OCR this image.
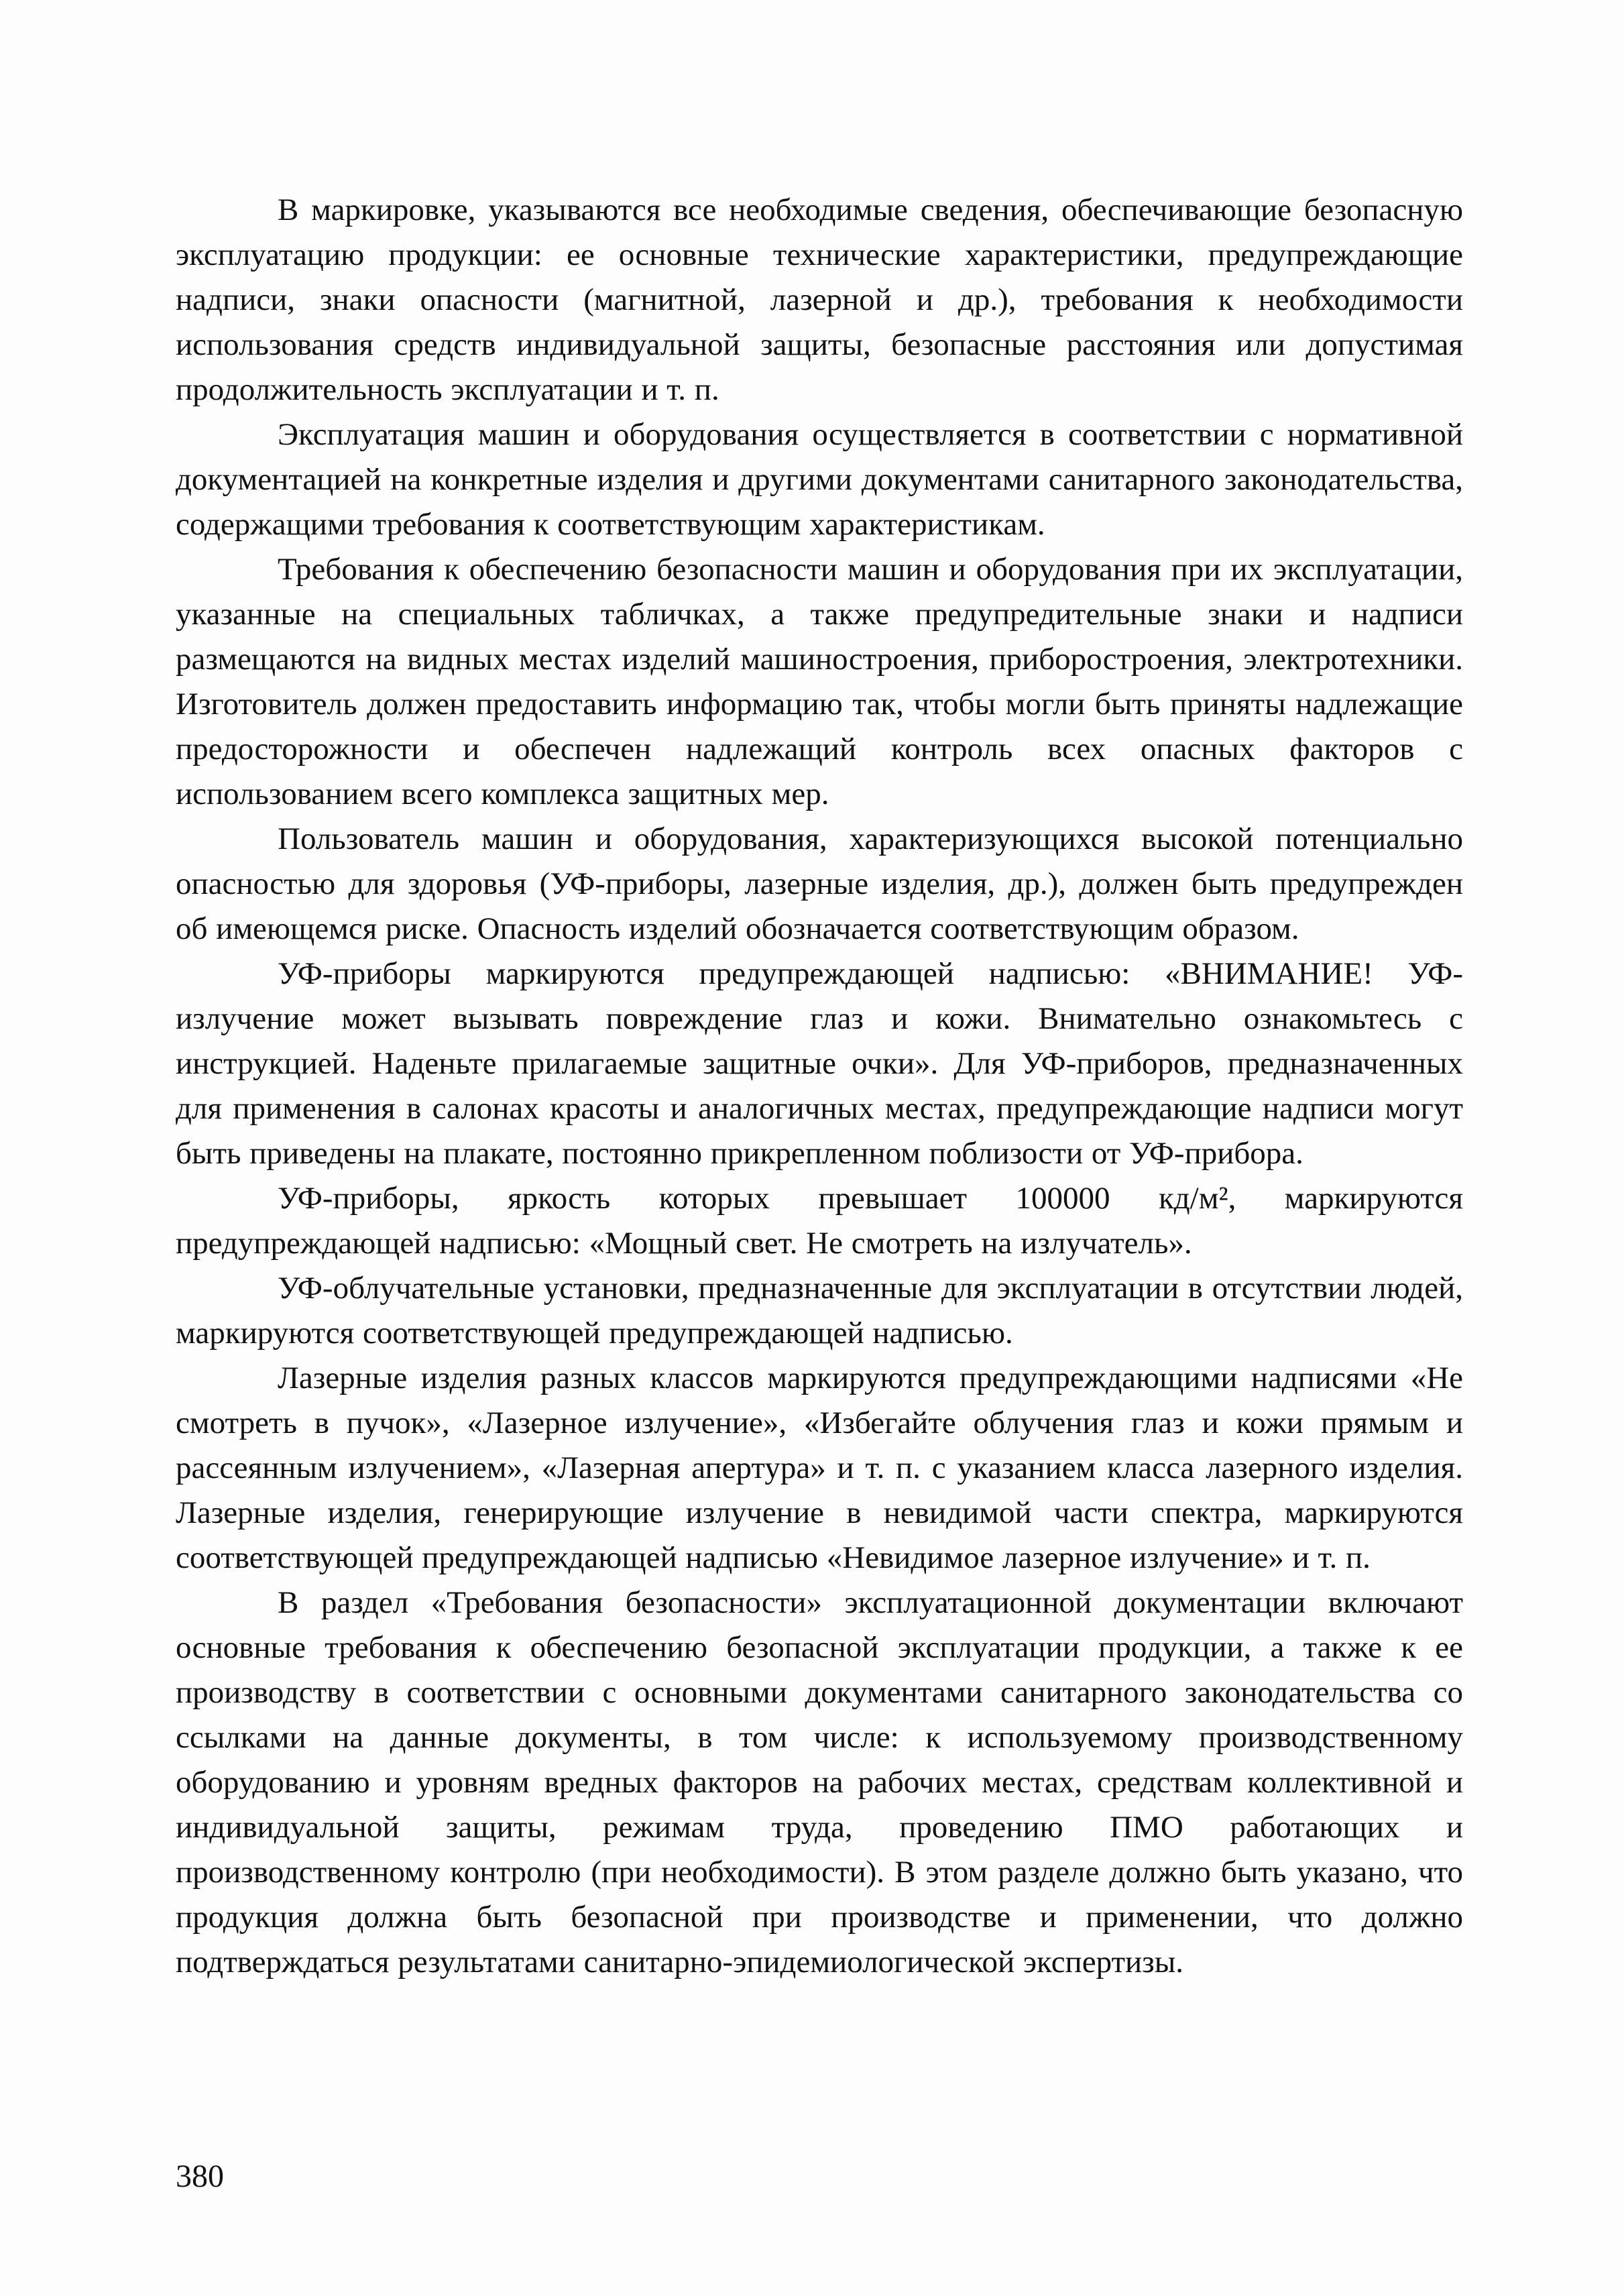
В маркировке, указываются все необходимые сведения, обеспечивающие безопасную эксплуатацию продукции: ее основные технические характеристики, предупреждающие надписи, знаки опасности (магнитной, лазерной и др.), требования к необходимости использования средств индивидуальной защиты, безопасные расстояния или допустимая продолжительность эксплуатации и т. п.

Эксплуатация машин и оборудования осуществляется в соответствии с нормативной документацией на конкретные изделия и другими документами санитарного законодательства, содержащими требования к соответствующим характеристикам.

Требования к обеспечению безопасности машин и оборудования при их эксплуатации, указанные на специальных табличках, а также предупредительные знаки и надписи размещаются на видных местах изделий машиностроения, приборостроения, электротехники. Изготовитель должен предоставить информацию так, чтобы могли быть приняты надлежащие предосторожности и обеспечен надлежащий контроль всех опасных факторов с использованием всего комплекса защитных мер.

Пользователь машин и оборудования, характеризующихся высокой потенциально опасностью для здоровья (УФ-приборы, лазерные изделия, др.), должен быть предупрежден об имеющемся риске. Опасность изделий обозначается соответствующим образом.

УФ-приборы маркируются предупреждающей надписью: «ВНИМАНИЕ! УФ-излучение может вызывать повреждение глаз и кожи. Внимательно ознакомьтесь с инструкцией. Наденьте прилагаемые защитные очки». Для УФ-приборов, предназначенных для применения в салонах красоты и аналогичных местах, предупреждающие надписи могут быть приведены на плакате, постоянно прикрепленном поблизости от УФ-прибора.

УФ-приборы, яркость которых превышает 100000 кд/м², маркируются предупреждающей надписью: «Мощный свет. Не смотреть на излучатель».

УФ-облучательные установки, предназначенные для эксплуатации в отсутствии людей, маркируются соответствующей предупреждающей надписью.

Лазерные изделия разных классов маркируются предупреждающими надписями «Не смотреть в пучок», «Лазерное излучение», «Избегайте облучения глаз и кожи прямым и рассеянным излучением», «Лазерная апертура» и т. п. с указанием класса лазерного изделия. Лазерные изделия, генерирующие излучение в невидимой части спектра, маркируются соответствующей предупреждающей надписью «Невидимое лазерное излучение» и т. п.

В раздел «Требования безопасности» эксплуатационной документации включают основные требования к обеспечению безопасной эксплуатации продукции, а также к ее производству в соответствии с основными документами санитарного законодательства со ссылками на данные документы, в том числе: к используемому производственному оборудованию и уровням вредных факторов на рабочих местах, средствам коллективной и индивидуальной защиты, режимам труда, проведению ПМО работающих и производственному контролю (при необходимости). В этом разделе должно быть указано, что продукция должна быть безопасной при производстве и применении, что должно подтверждаться результатами санитарно-эпидемиологической экспертизы.

380
